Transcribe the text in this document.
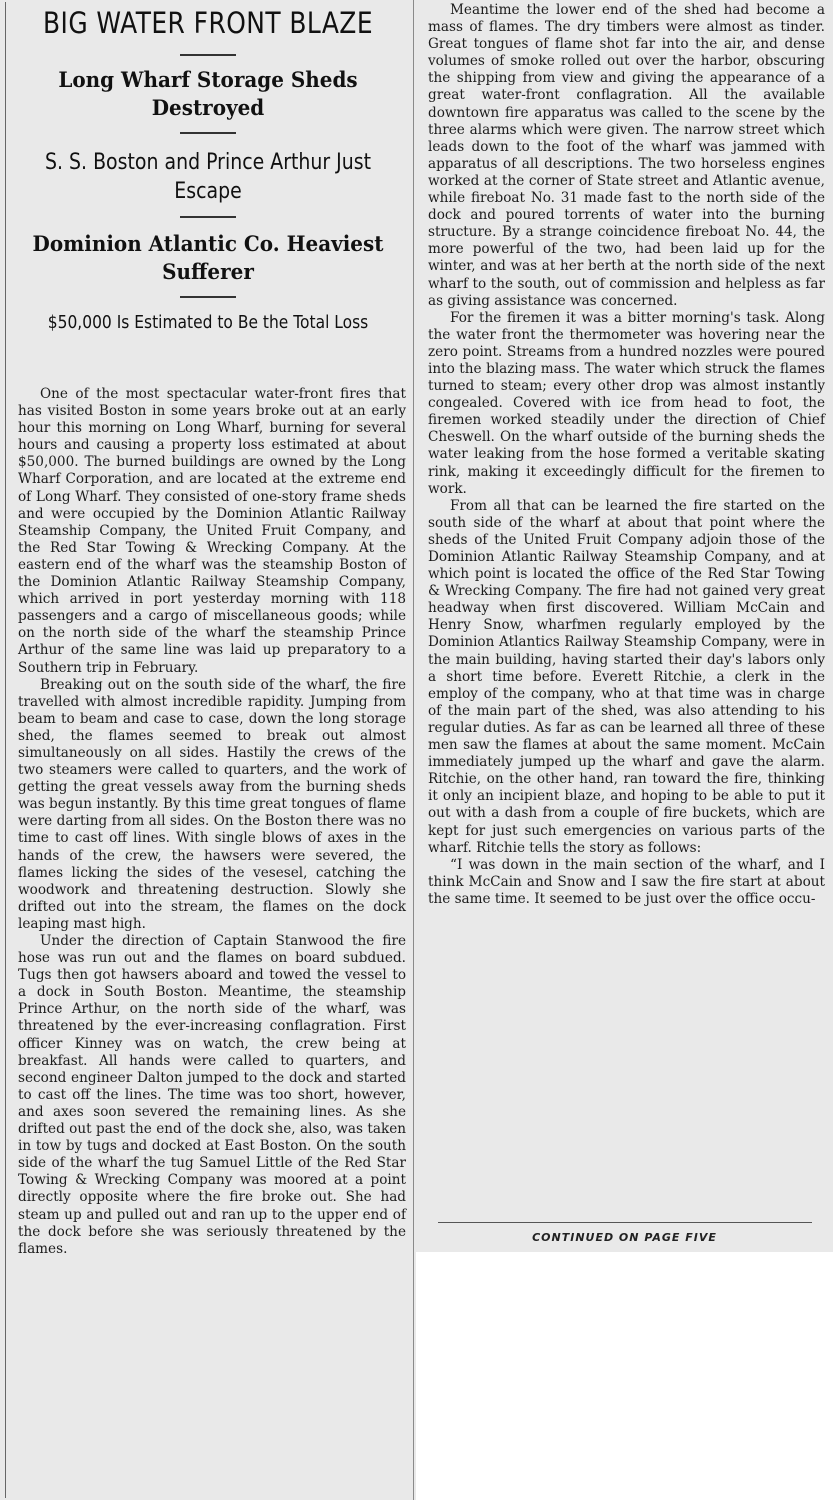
BIG WATER FRONT BLAZE
Long Wharf Storage Sheds Destroyed
S. S. Boston and Prince Arthur Just Escape
Dominion Atlantic Co. Heaviest Sufferer
$50,000 Is Estimated to Be the Total Loss

One of the most spectacular water-front fires that has visited Boston in some years broke out at an early hour this morning on Long Wharf, burning for several hours and causing a property loss estimated at about $50,000. The burned buildings are owned by the Long Wharf Corporation, and are located at the extreme end of Long Wharf. They consisted of one-story frame sheds and were occupied by the Dominion Atlantic Railway Steamship Company, the United Fruit Company, and the Red Star Towing & Wrecking Company. At the eastern end of the wharf was the steamship Boston of the Dominion Atlantic Railway Steamship Company, which arrived in port yesterday morning with 118 passengers and a cargo of miscellaneous goods; while on the north side of the wharf the steamship Prince Arthur of the same line was laid up preparatory to a Southern trip in February.

Breaking out on the south side of the wharf, the fire travelled with almost incredible rapidity. Jumping from beam to beam and case to case, down the long storage shed, the flames seemed to break out almost simultaneously on all sides. Hastily the crews of the two steamers were called to quarters, and the work of getting the great vessels away from the burning sheds was begun instantly. By this time great tongues of flame were darting from all sides. On the Boston there was no time to cast off lines. With single blows of axes in the hands of the crew, the hawsers were severed, the flames licking the sides of the vesesel, catching the woodwork and threatening destruction. Slowly she drifted out into the stream, the flames on the dock leaping mast high.

Under the direction of Captain Stanwood the fire hose was run out and the flames on board subdued. Tugs then got hawsers aboard and towed the vessel to a dock in South Boston. Meantime, the steamship Prince Arthur, on the north side of the wharf, was threatened by the ever-increasing conflagration. First officer Kinney was on watch, the crew being at breakfast. All hands were called to quarters, and second engineer Dalton jumped to the dock and started to cast off the lines. The time was too short, however, and axes soon severed the remaining lines. As she drifted out past the end of the dock she, also, was taken in tow by tugs and docked at East Boston. On the south side of the wharf the tug Samuel Little of the Red Star Towing & Wrecking Company was moored at a point directly opposite where the fire broke out. She had steam up and pulled out and ran up to the upper end of the dock before she was seriously threatened by the flames.

Meantime the lower end of the shed had become a mass of flames. The dry timbers were almost as tinder. Great tongues of flame shot far into the air, and dense volumes of smoke rolled out over the harbor, obscuring the shipping from view and giving the appearance of a great water-front conflagration. All the available downtown fire apparatus was called to the scene by the three alarms which were given. The narrow street which leads down to the foot of the wharf was jammed with apparatus of all descriptions. The two horseless engines worked at the corner of State street and Atlantic avenue, while fireboat No. 31 made fast to the north side of the dock and poured torrents of water into the burning structure. By a strange coincidence fireboat No. 44, the more powerful of the two, had been laid up for the winter, and was at her berth at the north side of the next wharf to the south, out of commission and helpless as far as giving assistance was concerned.

For the firemen it was a bitter morning's task. Along the water front the thermometer was hovering near the zero point. Streams from a hundred nozzles were poured into the blazing mass. The water which struck the flames turned to steam; every other drop was almost instantly congealed. Covered with ice from head to foot, the firemen worked steadily under the direction of Chief Cheswell. On the wharf outside of the burning sheds the water leaking from the hose formed a veritable skating rink, making it exceedingly difficult for the firemen to work.

From all that can be learned the fire started on the south side of the wharf at about that point where the sheds of the United Fruit Company adjoin those of the Dominion Atlantic Railway Steamship Company, and at which point is located the office of the Red Star Towing & Wrecking Company. The fire had not gained very great headway when first discovered. William McCain and Henry Snow, wharfmen regularly employed by the Dominion Atlantics Railway Steamship Company, were in the main building, having started their day's labors only a short time before. Everett Ritchie, a clerk in the employ of the company, who at that time was in charge of the main part of the shed, was also attending to his regular duties. As far as can be learned all three of these men saw the flames at about the same moment. McCain immediately jumped up the wharf and gave the alarm. Ritchie, on the other hand, ran toward the fire, thinking it only an incipient blaze, and hoping to be able to put it out with a dash from a couple of fire buckets, which are kept for just such emergencies on various parts of the wharf. Ritchie tells the story as follows:

“I was down in the main section of the wharf, and I think McCain and Snow and I saw the fire start at about the same time. It seemed to be just over the office occu-

CONTINUED ON PAGE FIVE
